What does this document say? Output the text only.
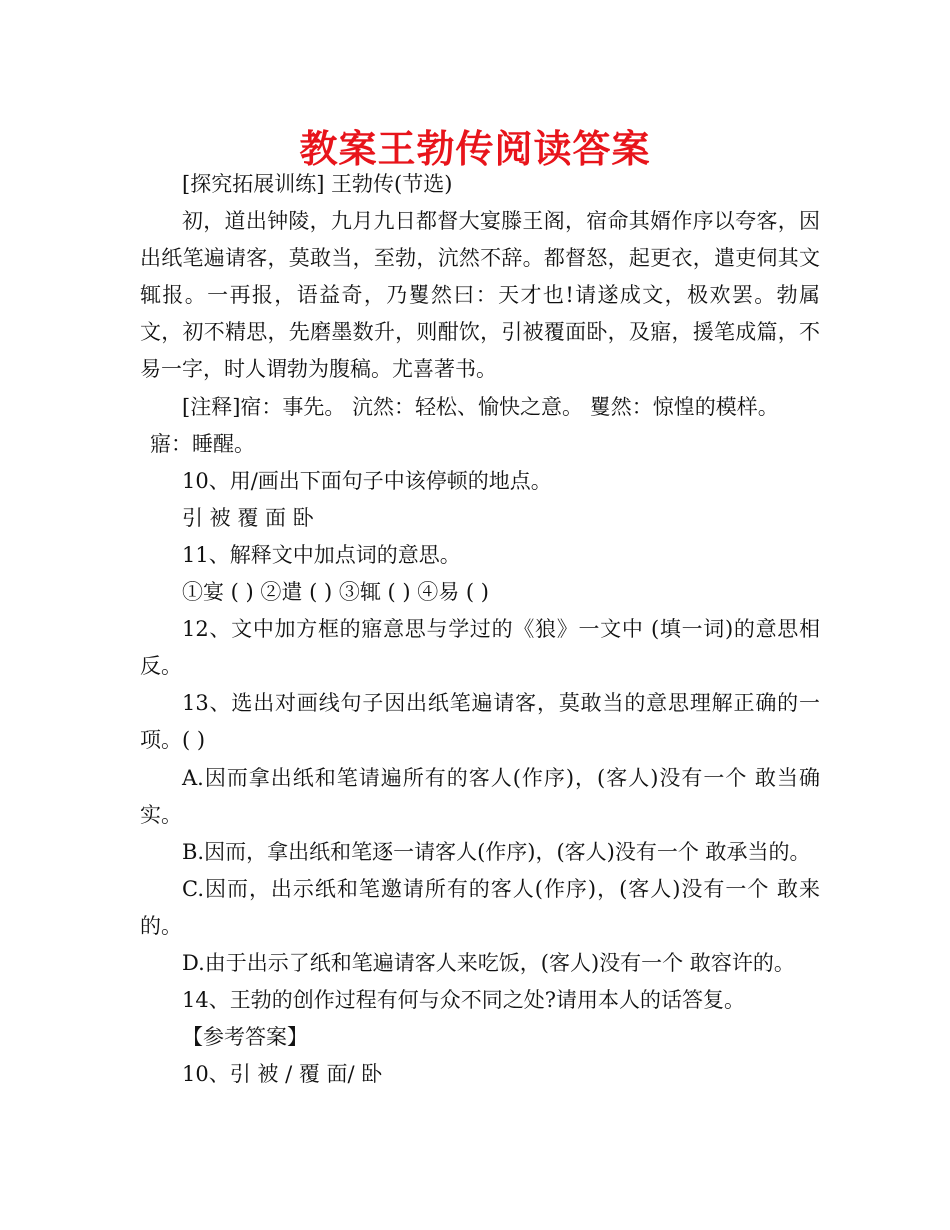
教案王勃传阅读答案

[探究拓展训练] 王勃传(节选)

初，道出钟陵，九月九日都督大宴滕王阁，宿命其婿作序以夸客，因出纸笔遍请客，莫敢当，至勃，沆然不辞。都督怒，起更衣，遣吏伺其文辄报。一再报，语益奇，乃矍然曰：天才也!请遂成文，极欢罢。勃属文，初不精思，先磨墨数升，则酣饮，引被覆面卧，及寤，援笔成篇，不易一字，时人谓勃为腹稿。尤喜著书。

[注释]宿：事先。 沆然：轻松、愉快之意。 矍然：惊惶的模样。

寤：睡醒。

10、用/画出下面句子中该停顿的地点。

引 被 覆 面 卧

11、解释文中加点词的意思。

①宴 ( ) ②遣 ( ) ③辄 ( ) ④易 ( )

12、文中加方框的寤意思与学过的《狼》一文中 (填一词)的意思相反。

13、选出对画线句子因出纸笔遍请客，莫敢当的意思理解正确的一项。( )

A.因而拿出纸和笔请遍所有的客人(作序)，(客人)没有一个 敢当确实。

B.因而，拿出纸和笔逐一请客人(作序)，(客人)没有一个 敢承当的。

C.因而，出示纸和笔邀请所有的客人(作序)，(客人)没有一个 敢来的。

D.由于出示了纸和笔遍请客人来吃饭，(客人)没有一个 敢容许的。

14、王勃的创作过程有何与众不同之处?请用本人的话答复。

【参考答案】

10、引 被 / 覆 面/ 卧
